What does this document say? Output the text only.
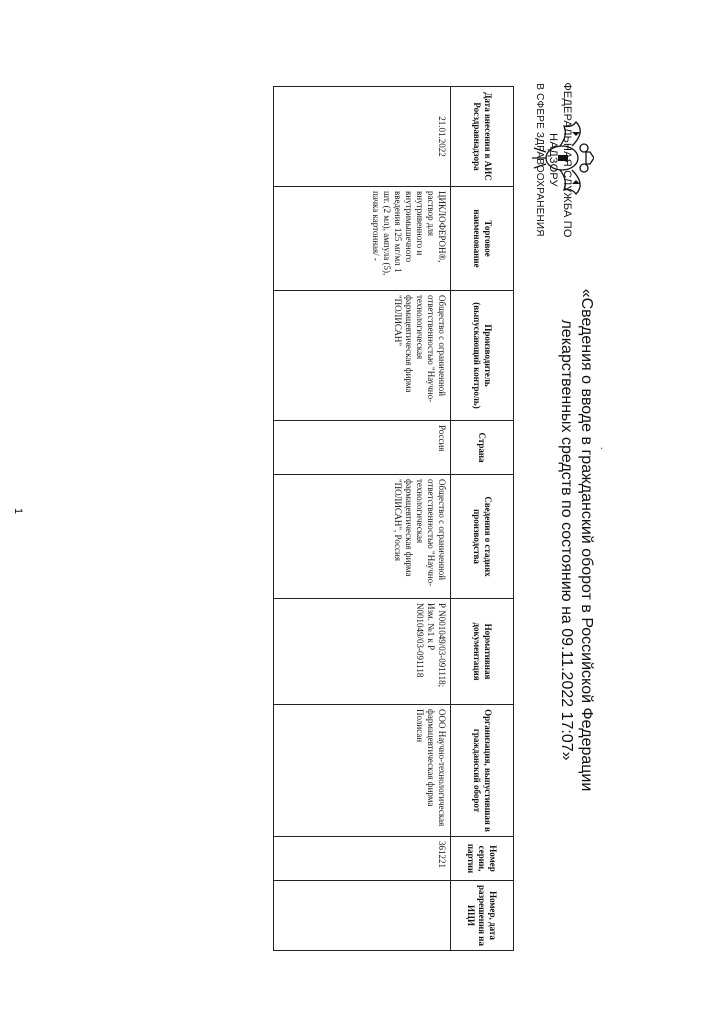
ФЕДЕРАЛЬНАЯ СЛУЖБА ПО НАДЗОРУ
В СФЕРЕ ЗДРАВООХРАНЕНИЯ
.
«Сведения о вводе в гражданский оборот в Российской Федерации
лекарственных средств по состоянию на 09.11.2022 17:07»
Дата внесения в АИС Росздравнадзора	Торговое наименование	Производитель (выпускающий контроль)	Страна	Сведения о стадиях производства	Нормативная документация	Организация, выпустившая в гражданский оборот	Номер серии, партии	Номер, дата разрешения на ИЦИ
21.01.2022	ЦИКЛОФЕРОН®, раствор для внутривенного и внутримышечного введения 125 мг/мл 1 шт. (2 мл), ампула (5), пачка картонная/ -	Общество с ограниченной ответственностью "Научно-технологическая фармацевтическая фирма "ПОЛИСАН"	Россия	Общество с ограниченной ответственностью "Научно-технологическая фармацевтическая фирма "ПОЛИСАН", Россия	Р N001049/03-091118; Изм. №1 к Р N001049/03-091118	ООО Научно-технологическая фармацевтическая фирма Полисан	361221	
1
